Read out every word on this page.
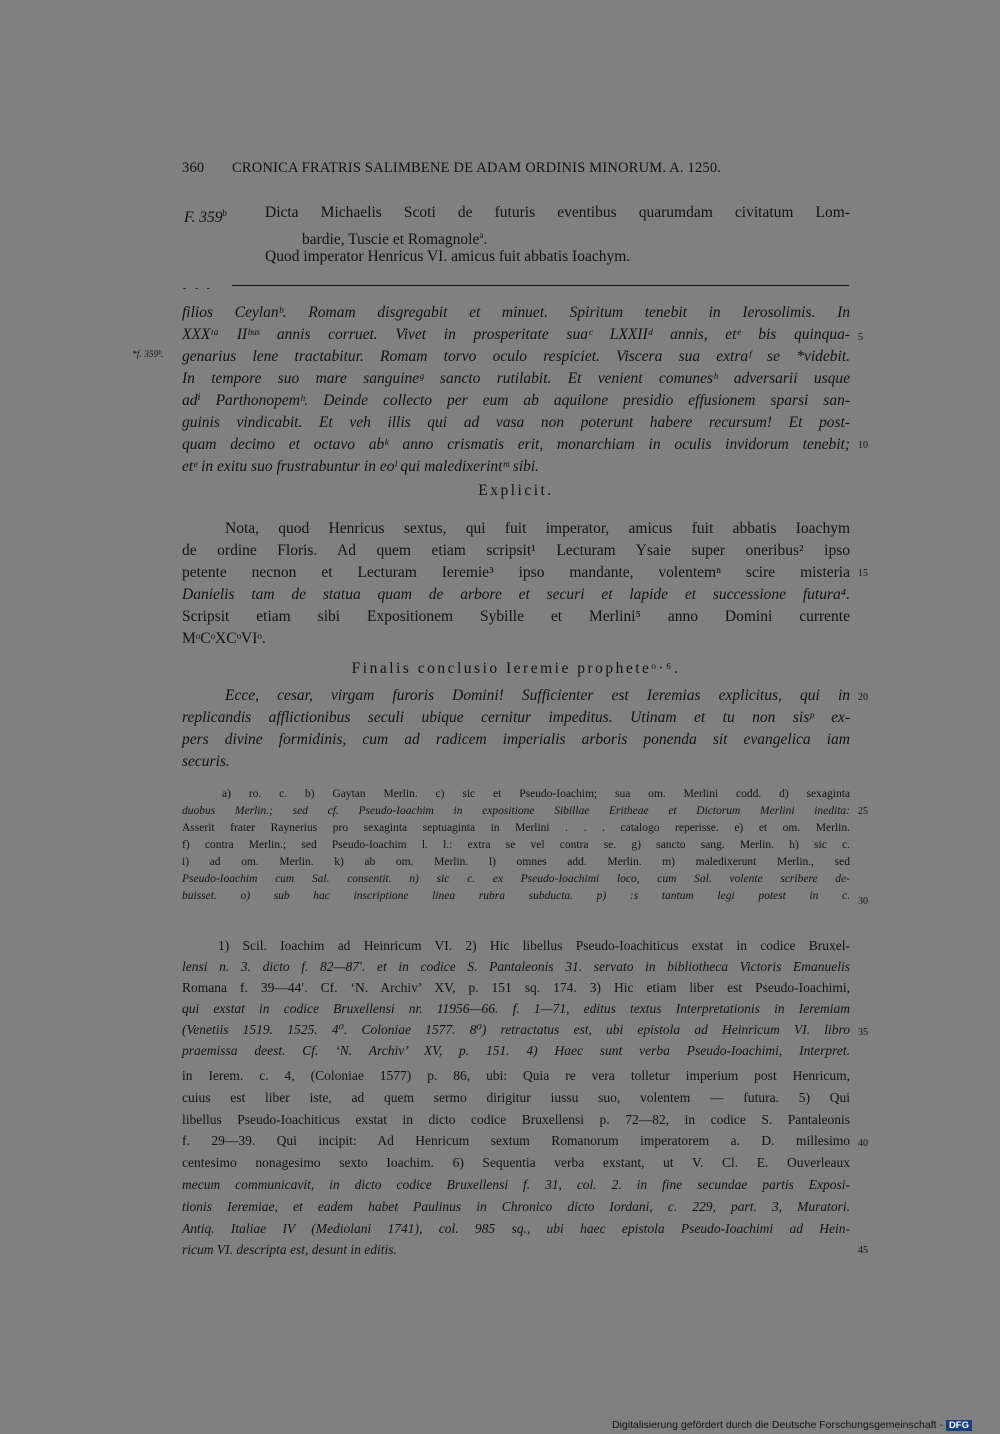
360 CRONICA FRATRIS SALIMBENE DE ADAM ORDINIS MINORUM. A. 1250.
F. 359$^b$ Dicta Michaelis Scoti de futuris eventibus quarumdam civitatum Lom-
bardie, Tuscie et Romagnole$^a$.
Quod imperator Henricus VI. amicus fuit abbatis Ioachym.
- - -
filios Ceylanᵇ. Romam disgregabit et minuet. Spiritum tenebit in Ierosolimis. In
XXXᵗᵃ IIᵇᵘˢ annis corruet. Vivet in prosperitate suaᶜ LXXIIᵈ annis, etᵉ bis quinqua-
genarius lene tractabitur. Romam torvo oculo respiciet. Viscera sua extraᶠ se *videbit.
In tempore suo mare sanguineᵍ sancto rutilabit. Et venient comunesʰ adversarii usque
adⁱ Parthonopemʰ. Deinde collecto per eum ab aquilone presidio effusionem sparsi san-
guinis vindicabit. Et veh illis qui ad vasa non poterunt habere recursum! Et post-
quam decimo et octavo abᵏ anno crismatis erit, monarchiam in oculis invidorum tenebit;
etᵉ in exitu suo frustrabuntur in eoˡ qui maledixerintᵐ sibi.
*f. 359ᵇ.
5
10
Explicit.
Nota, quod Henricus sextus, qui fuit imperator, amicus fuit abbatis Ioachym
de ordine Floris. Ad quem etiam scripsit¹ Lecturam Ysaie super oneribus² ipso
petente necnon et Lecturam Ieremie³ ipso mandante, volentemⁿ scire misteria
Danielis tam de statua quam de arbore et securi et lapide et successione futura⁴.
Scripsit etiam sibi Expositionem Sybille et Merlini⁵ anno Domini currente
MᵒCᵒXCᵒVIᵒ.
15
Finalis conclusio Ieremie propheteᵒ·⁶.
Ecce, cesar, virgam furoris Domini! Sufficienter est Ieremias explicitus, qui in
replicandis afflictionibus seculi ubique cernitur impeditus. Utinam et tu non sisᵖ ex-
pers divine formidinis, cum ad radicem imperialis arboris ponenda sit evangelica iam
securis.
20
a) ro. c. b) Gaytan Merlin. c) sic et Pseudo-Ioachim; sua om. Merlini codd. d) sexaginta
duobus Merlin.; sed cf. Pseudo-Ioachim in expositione Sibillae Eritheae et Dictorum Merlini inedita:
Asserit frater Raynerius pro sexaginta septuaginta in Merlini . . . catalogo reperisse. e) et om. Merlin.
f) contra Merlin.; sed Pseudo-Ioachim l. l.: extra se vel contra se. g) sancto sang. Merlin. h) sic c.
i) ad om. Merlin. k) ab om. Merlin. l) omnes add. Merlin. m) maledixerunt Merlin., sed
Pseudo-Ioachim cum Sal. consentit. n) sic c. ex Pseudo-Ioachimi loco, cum Sal. volente scribere de-
buisset. o) sub hac inscriptione linea rubra subducta. p) :s tantum legi potest in c.
25
30
1) Scil. Ioachim ad Heinricum VI. 2) Hic libellus Pseudo-Ioachiticus exstat in codice Bruxel-
lensi n. 3. dicto f. 82—87′. et in codice S. Pantaleonis 31. servato in bibliotheca Victoris Emanuelis
Romana f. 39—44′. Cf. ‘N. Archiv’ XV, p. 151 sq. 174. 3) Hic etiam liber est Pseudo-Ioachimi,
qui exstat in codice Bruxellensi nr. 11956—66. f. 1—71, editus textus Interpretationis in Ieremiam
(Venetiis 1519. 1525. 4⁰. Coloniae 1577. 8⁰) retractatus est, ubi epistola ad Heinricum VI. libro
praemissa deest. Cf. ‘N. Archiv’ XV, p. 151. 4) Haec sunt verba Pseudo-Ioachimi, Interpret.
in Ierem. c. 4, (Coloniae 1577) p. 86, ubi: Quia re vera tolletur imperium post Henricum,
cuius est liber iste, ad quem sermo dirigitur iussu suo, volentem — futura. 5) Qui
libellus Pseudo-Ioachiticus exstat in dicto codice Bruxellensi p. 72—82, in codice S. Pantaleonis
f. 29—39. Qui incipit: Ad Henricum sextum Romanorum imperatorem a. D. millesimo
centesimo nonagesimo sexto Ioachim. 6) Sequentia verba exstant, ut V. Cl. E. Ouverleaux
mecum communicavit, in dicto codice Bruxellensi f. 31, col. 2. in fine secundae partis Exposi-
tionis Ieremiae, et eadem habet Paulinus in Chronico dicto Iordani, c. 229, part. 3, Muratori.
Antiq. Italiae IV (Mediolani 1741), col. 985 sq., ubi haec epistola Pseudo-Ioachimi ad Hein-
ricum VI. descripta est, desunt in editis.
35
40
45
Digitalisierung gefördert durch die Deutsche Forschungsgemeinschaft - DFG
